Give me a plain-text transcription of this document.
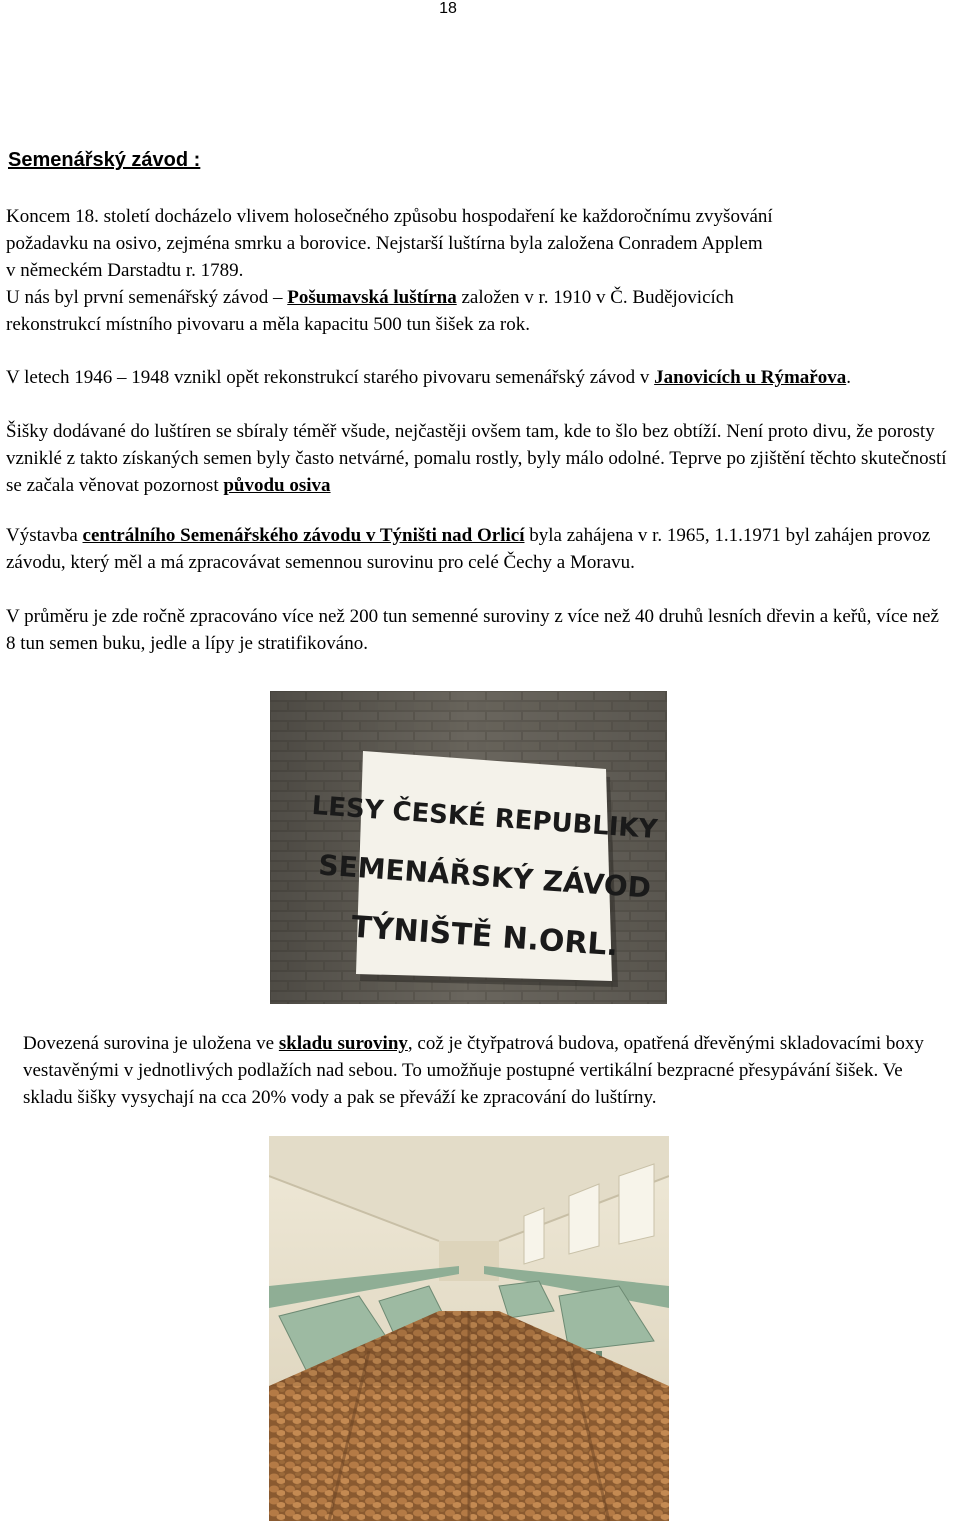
18
Semenářský závod :
Koncem 18. století docházelo vlivem holosečného způsobu hospodaření ke každoročnímu zvyšování
požadavku na osivo, zejména smrku a borovice. Nejstarší luštírna byla založena Conradem Applem
v německém Darstadtu r. 1789.
U nás byl první semenářský závod – Pošumavská luštírna založen v r. 1910 v Č. Budějovicích
rekonstrukcí místního pivovaru a měla kapacitu 500 tun šišek za rok.
V letech 1946 – 1948 vznikl opět rekonstrukcí starého pivovaru semenářský závod v Janovicích u Rýmařova.
Šišky dodávané do luštíren se sbíraly téměř všude, nejčastěji ovšem tam, kde to šlo bez obtíží. Není proto divu, že porosty vzniklé z takto získaných semen byly často netvárné, pomalu rostly, byly málo odolné. Teprve po zjištění těchto skutečností se začala věnovat pozornost původu osiva
Výstavba centrálního Semenářského závodu v Týništi nad Orlicí byla zahájena v r. 1965, 1.1.1971 byl zahájen provoz závodu, který měl a má zpracovávat semennou surovinu pro celé Čechy a Moravu.
V průměru je zde ročně zpracováno více než 200 tun semenné suroviny z více než 40 druhů lesních dřevin a keřů, více než 8 tun semen buku, jedle a lípy je stratifikováno.
LESY ČESKÉ REPUBLIKY
SEMENÁŘSKÝ ZÁVOD
TÝNIŠTĚ N.ORL.
Dovezená surovina je uložena ve skladu suroviny, což je čtyřpatrová budova, opatřená dřevěnými skladovacími boxy vestavěnými v jednotlivých podlažích nad sebou. To umožňuje postupné vertikální bezpracné přesypávání šišek. Ve skladu šišky vysychají na cca 20% vody a pak se převáží ke zpracování do luštírny.
